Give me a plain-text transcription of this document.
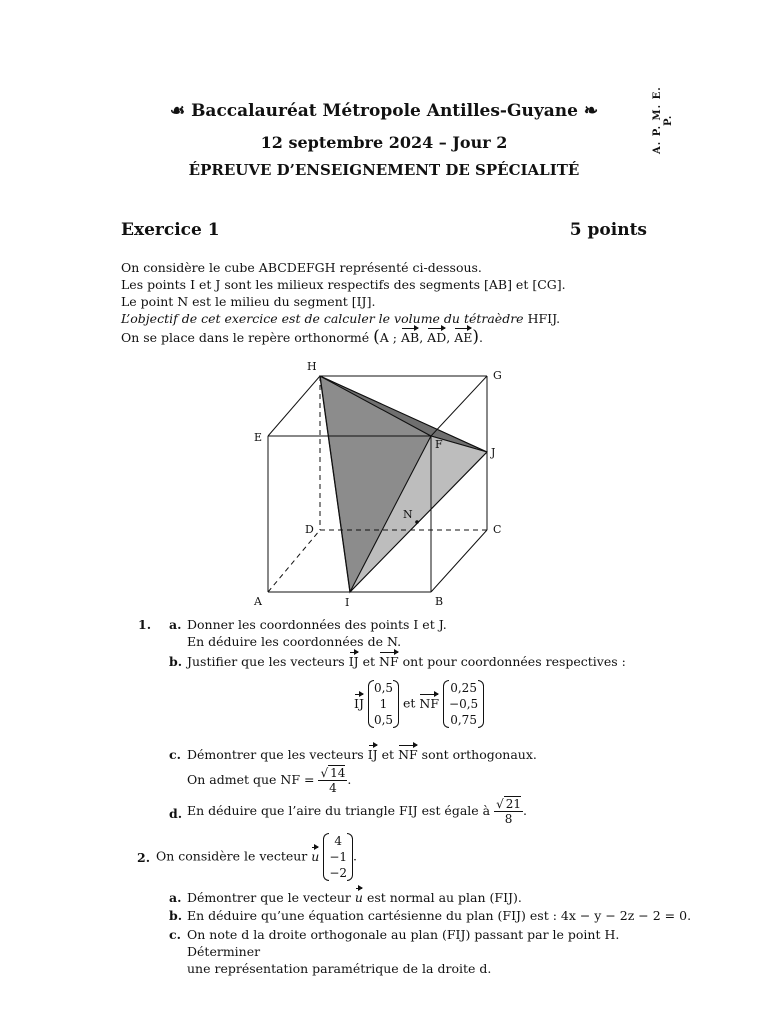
☙ Baccalauréat Métropole Antilles-Guyane ❧
12 septembre 2024 – Jour 2
ÉPREUVE D’ENSEIGNEMENT DE SPÉCIALITÉ
A. P. M. E. P.
Exercice 1	5 points

On considère le cube ABCDEFGH représenté ci-dessous.

Les points I et J sont les milieux respectifs des segments [AB] et [CG].

Le point N est le milieu du segment [IJ].

L’objectif de cet exercice est de calculer le volume du tétraèdre HFIJ.

On se place dans le repère orthonormé (A ; AB, AD, AE).

H
G
E
F
J
D	C
N
A	I	B
1. a. Donner les coordonnées des points I et J.
En déduire les coordonnées de N.
b. Justifier que les vecteurs IJ et NF ont pour coordonnées respectives :
IJ
0,5
1
0,5
et NF
0,25
−0,5
0,75
c. Démontrer que les vecteurs IJ et NF sont orthogonaux.
On admet que NF = $\frac{√ 14}{4}$ .
d. En déduire que l’aire du triangle FIJ est égale à $\frac{√ 21}{8}$ .
2. On considère le vecteur u
4
−1
−2
.
a. Démontrer que le vecteur u est normal au plan (FIJ).
b. En déduire qu’une équation cartésienne du plan (FIJ) est : 4x − y − 2z − 2 = 0.
c. On note d la droite orthogonale au plan (FIJ) passant par le point H. Déterminer
une représentation paramétrique de la droite d.
